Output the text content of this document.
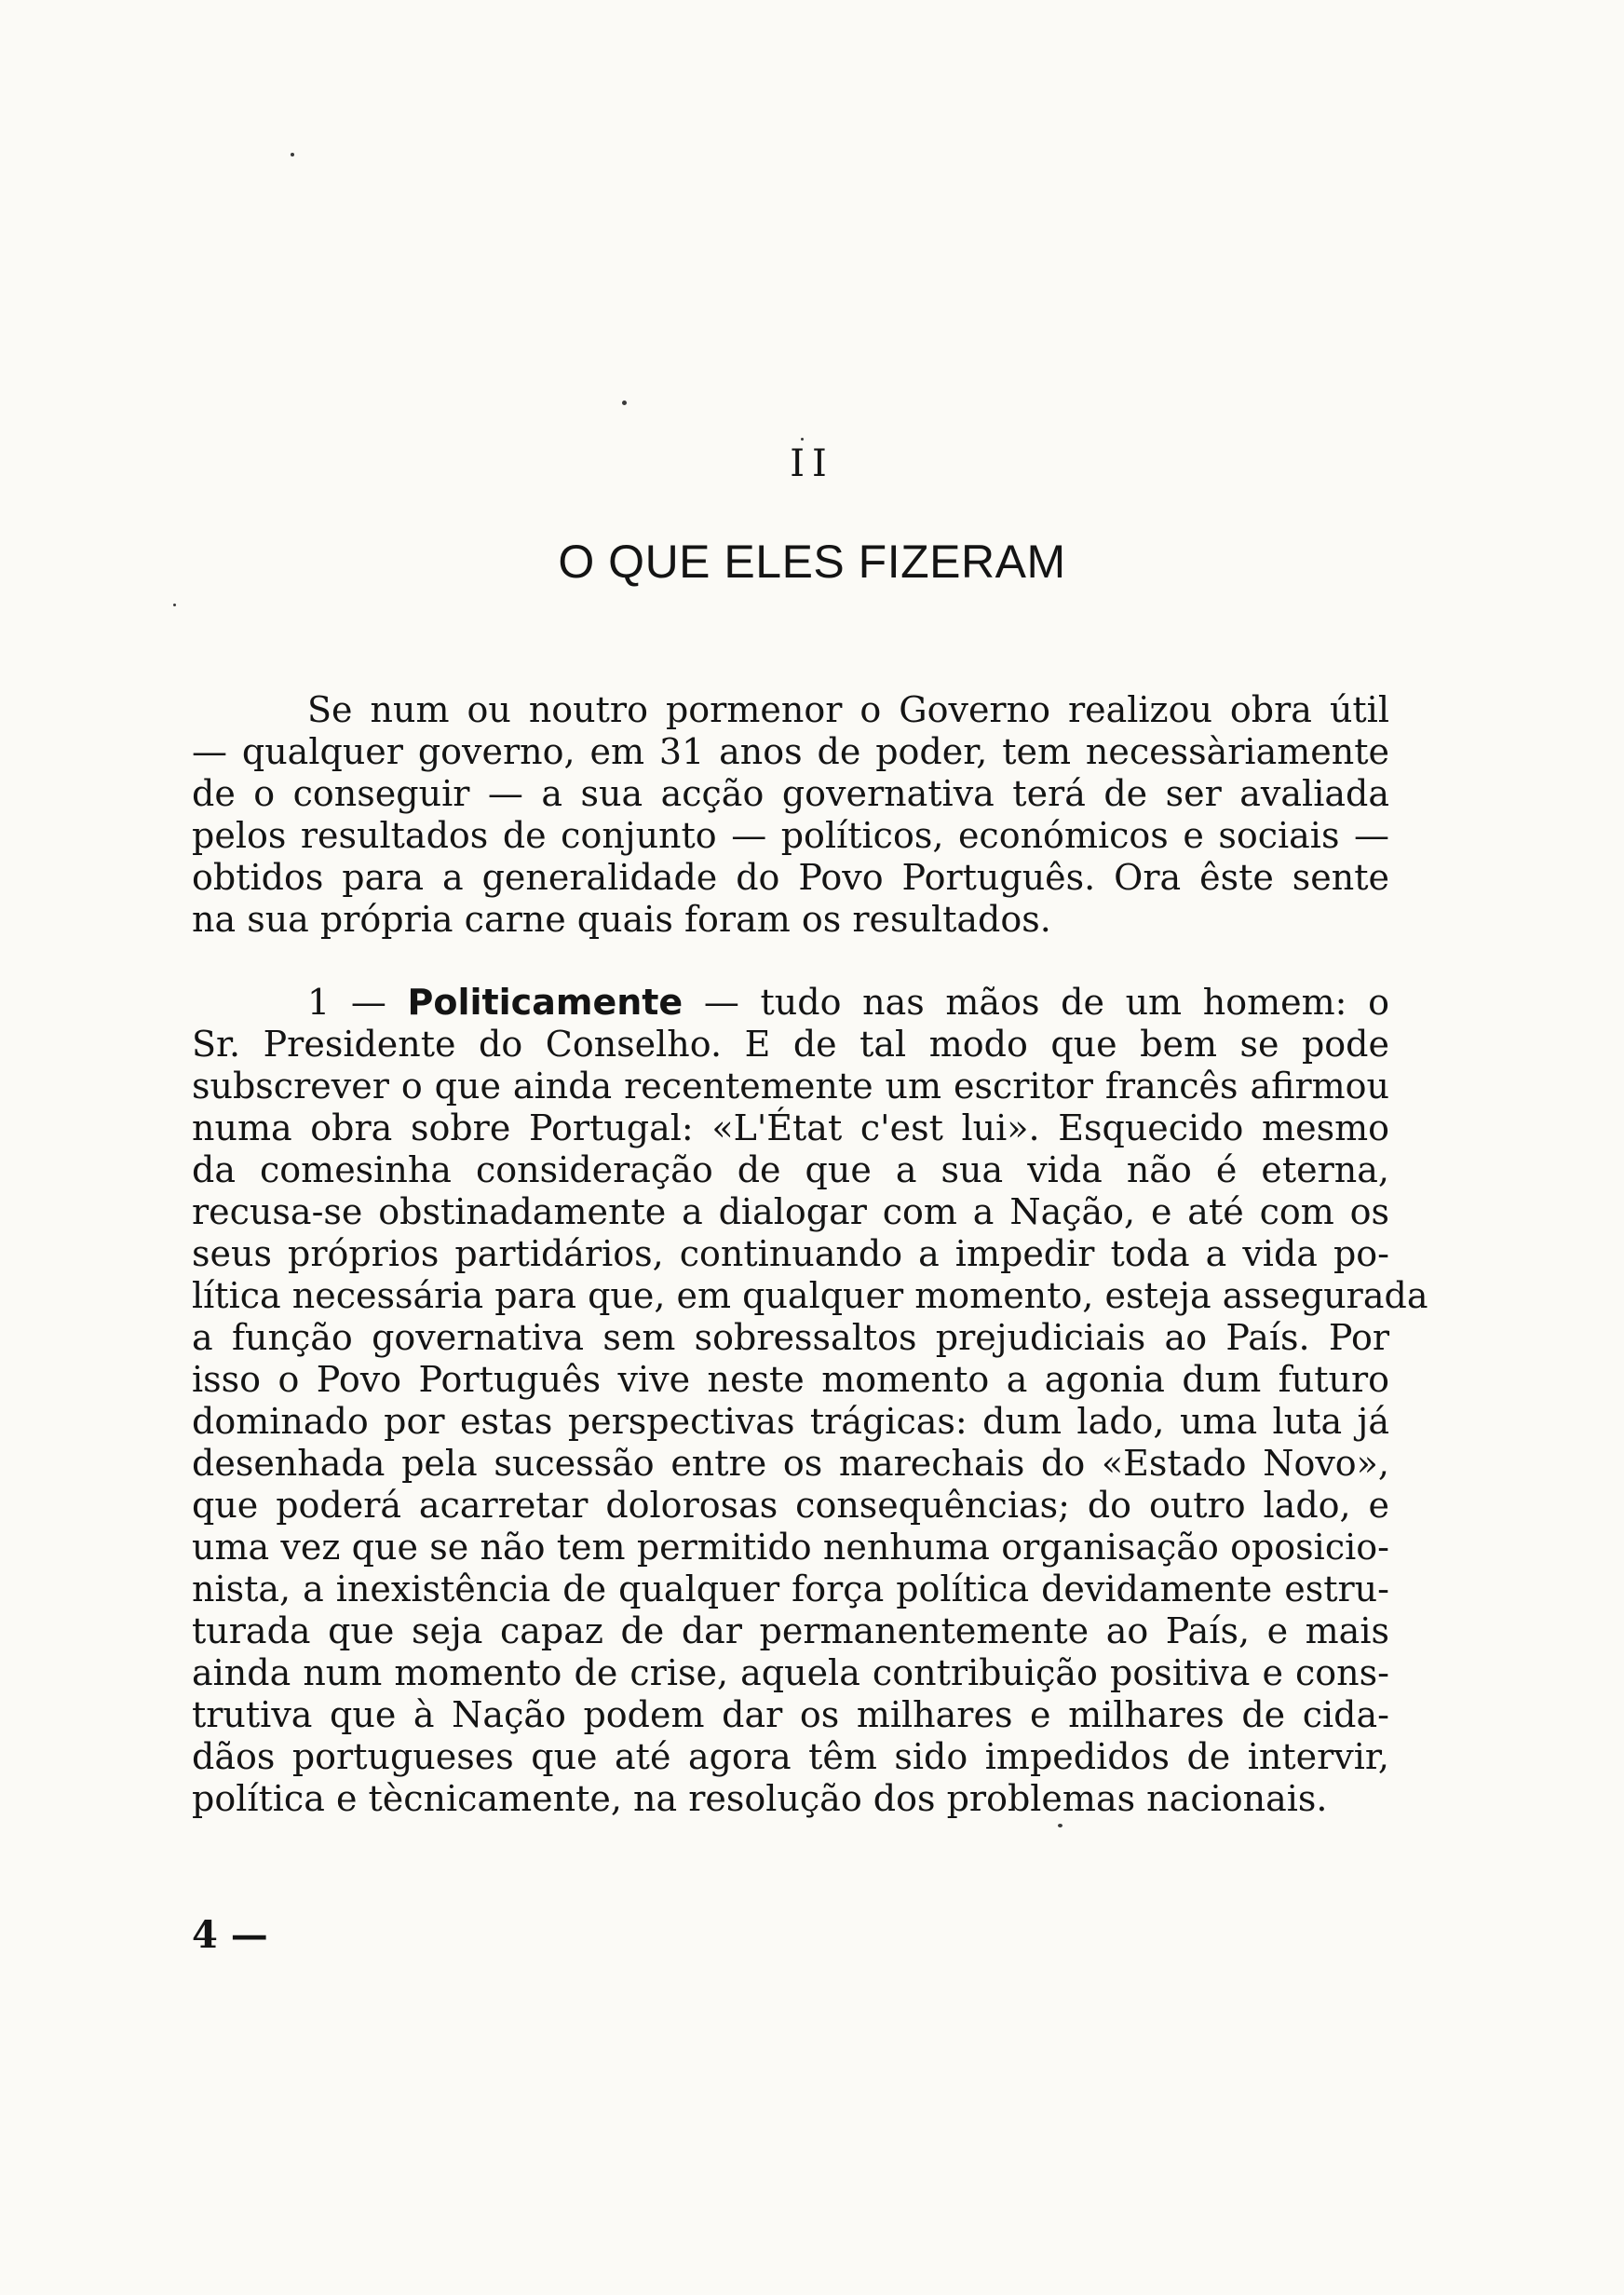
II
O QUE ELES FIZERAM
Se num ou noutro pormenor o Governo realizou obra útil
— qualquer governo, em 31 anos de poder, tem necessàriamente
de o conseguir — a sua acção governativa terá de ser avaliada
pelos resultados de conjunto — políticos, económicos e sociais —
obtidos para a generalidade do Povo Português. Ora êste sente
na sua própria carne quais foram os resultados.
1 — Politicamente — tudo nas mãos de um homem: o
Sr. Presidente do Conselho. E de tal modo que bem se pode
subscrever o que ainda recentemente um escritor francês afirmou
numa obra sobre Portugal: «L'État c'est lui». Esquecido mesmo
da comesinha consideração de que a sua vida não é eterna,
recusa-se obstinadamente a dialogar com a Nação, e até com os
seus próprios partidários, continuando a impedir toda a vida po-
lítica necessária para que, em qualquer momento, esteja assegurada
a função governativa sem sobressaltos prejudiciais ao País. Por
isso o Povo Português vive neste momento a agonia dum futuro
dominado por estas perspectivas trágicas: dum lado, uma luta já
desenhada pela sucessão entre os marechais do «Estado Novo»,
que poderá acarretar dolorosas consequências; do outro lado, e
uma vez que se não tem permitido nenhuma organisação oposicio-
nista, a inexistência de qualquer força política devidamente estru-
turada que seja capaz de dar permanentemente ao País, e mais
ainda num momento de crise, aquela contribuição positiva e cons-
trutiva que à Nação podem dar os milhares e milhares de cida-
dãos portugueses que até agora têm sido impedidos de intervir,
política e tècnicamente, na resolução dos problemas nacionais.
4 —
